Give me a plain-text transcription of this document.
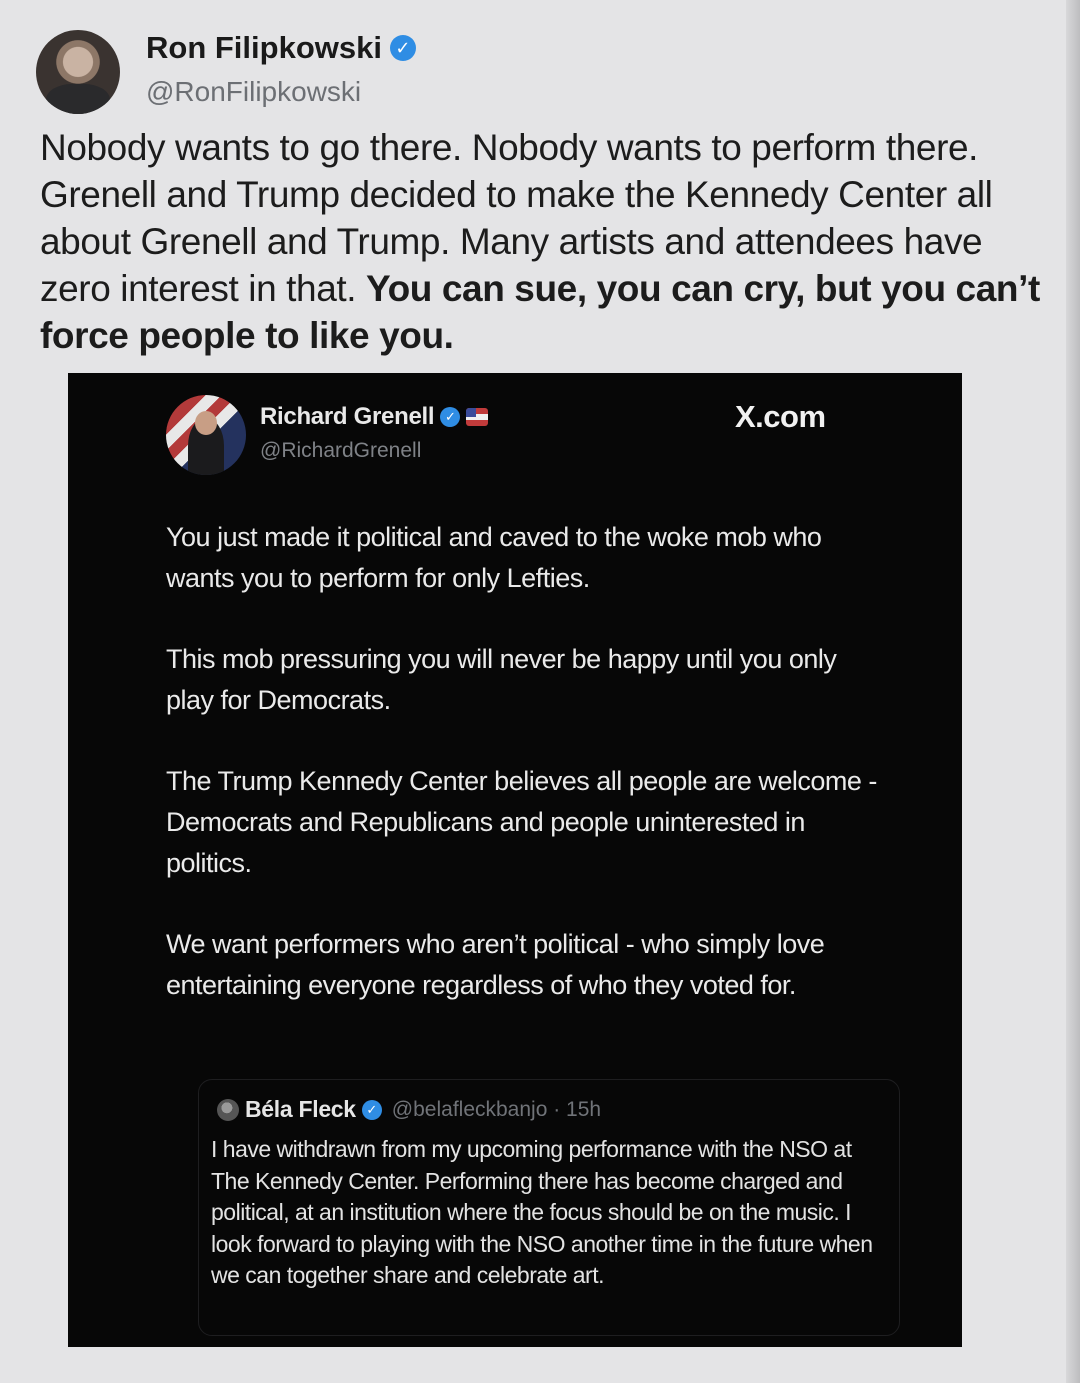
Ron Filipkowski ✓
@RonFilipkowski
Nobody wants to go there. Nobody wants to perform there. Grenell and Trump decided to make the Kennedy Center all about Grenell and Trump. Many artists and attendees have zero interest in that. You can sue, you can cry, but you can’t force people to like you.
Richard Grenell ✓
@RichardGrenell
X.com

You just made it political and caved to the woke mob who wants you to perform for only Lefties.

This mob pressuring you will never be happy until you only play for Democrats.

The Trump Kennedy Center believes all people are welcome - Democrats and Republicans and people uninterested in politics.

We want performers who aren’t political - who simply love entertaining everyone regardless of who they voted for.

Béla Fleck ✓ @belafleckbanjo · 15h
I have withdrawn from my upcoming performance with the NSO at The Kennedy Center. Performing there has become charged and political, at an institution where the focus should be on the music. I look forward to playing with the NSO another time in the future when we can together share and celebrate art.
